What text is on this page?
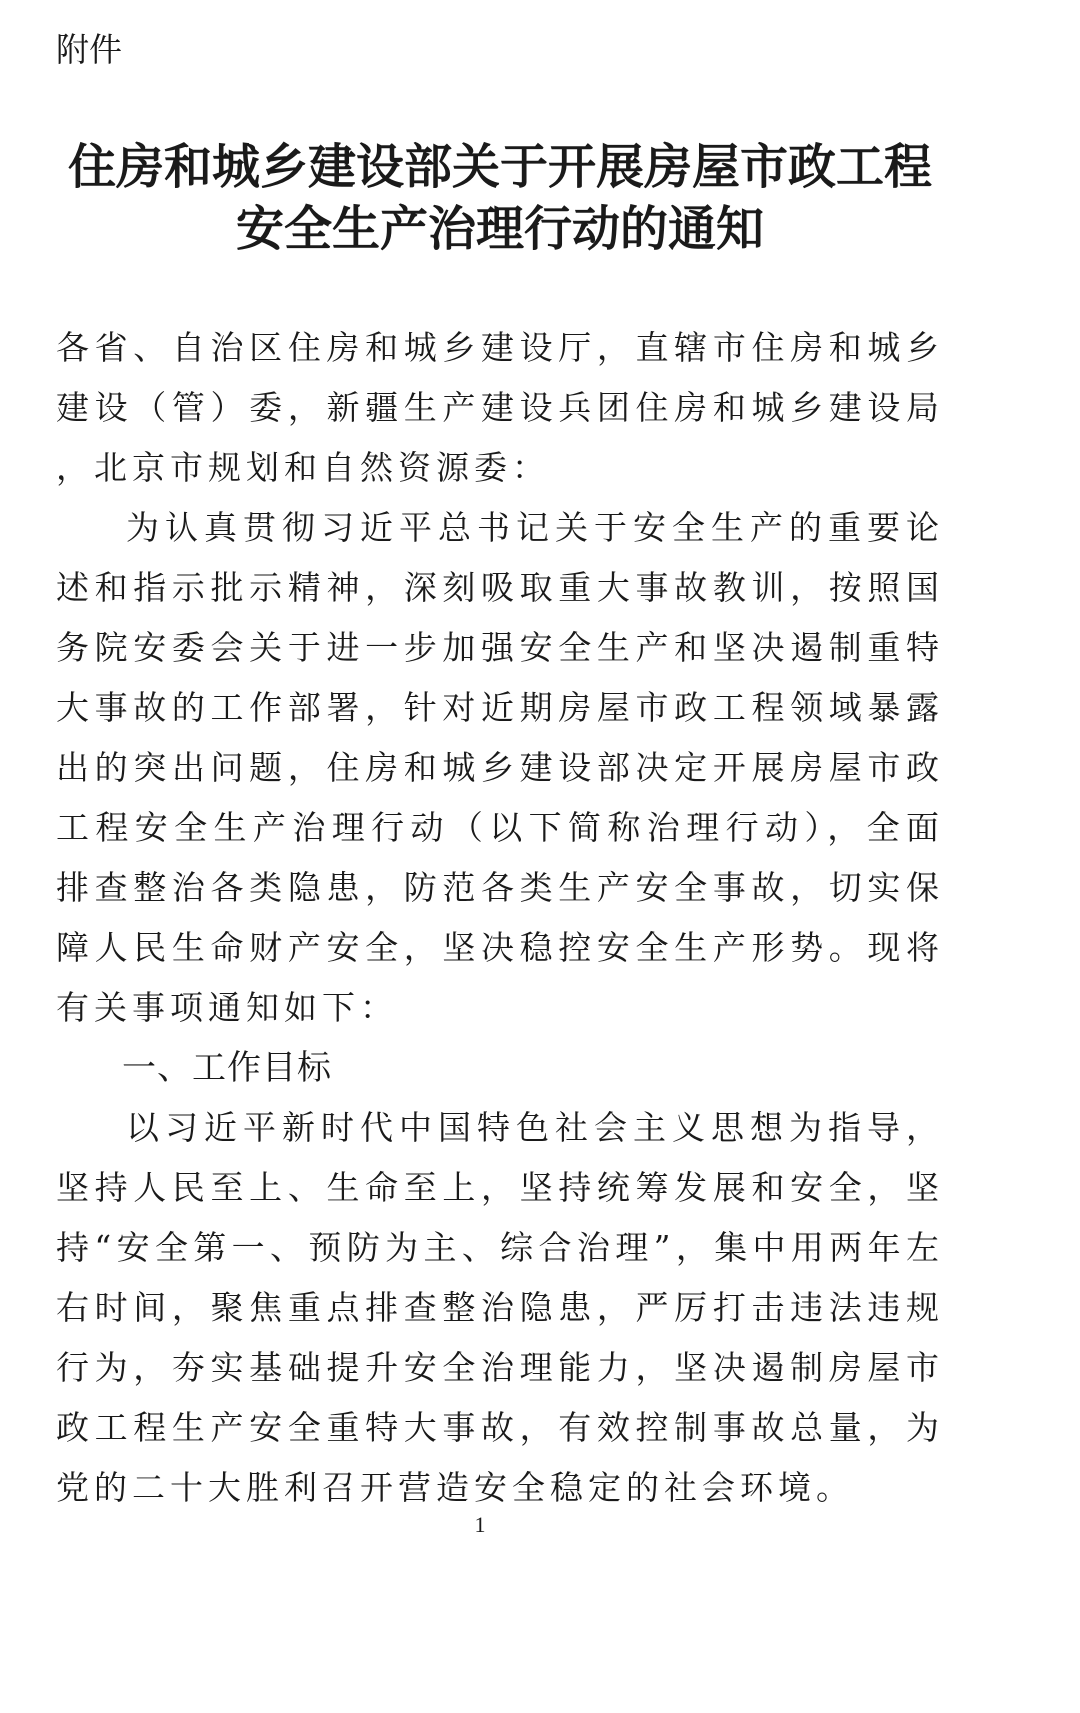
附件
住房和城乡建设部关于开展房屋市政工程
安全生产治理行动的通知

各省、自治区住房和城乡建设厅，直辖市住房和城乡建设（管）委，新疆生产建设兵团住房和城乡建设局，北京市规划和自然资源委：

为认真贯彻习近平总书记关于安全生产的重要论述和指示批示精神，深刻吸取重大事故教训，按照国务院安委会关于进一步加强安全生产和坚决遏制重特大事故的工作部署，针对近期房屋市政工程领域暴露出的突出问题，住房和城乡建设部决定开展房屋市政工程安全生产治理行动（以下简称治理行动），全面排查整治各类隐患，防范各类生产安全事故，切实保障人民生命财产安全，坚决稳控安全生产形势。现将有关事项通知如下：

一、工作目标

以习近平新时代中国特色社会主义思想为指导，坚持人民至上、生命至上，坚持统筹发展和安全，坚持“安全第一、预防为主、综合治理”，集中用两年左右时间，聚焦重点排查整治隐患，严厉打击违法违规行为，夯实基础提升安全治理能力，坚决遏制房屋市政工程生产安全重特大事故，有效控制事故总量，为党的二十大胜利召开营造安全稳定的社会环境。

1
